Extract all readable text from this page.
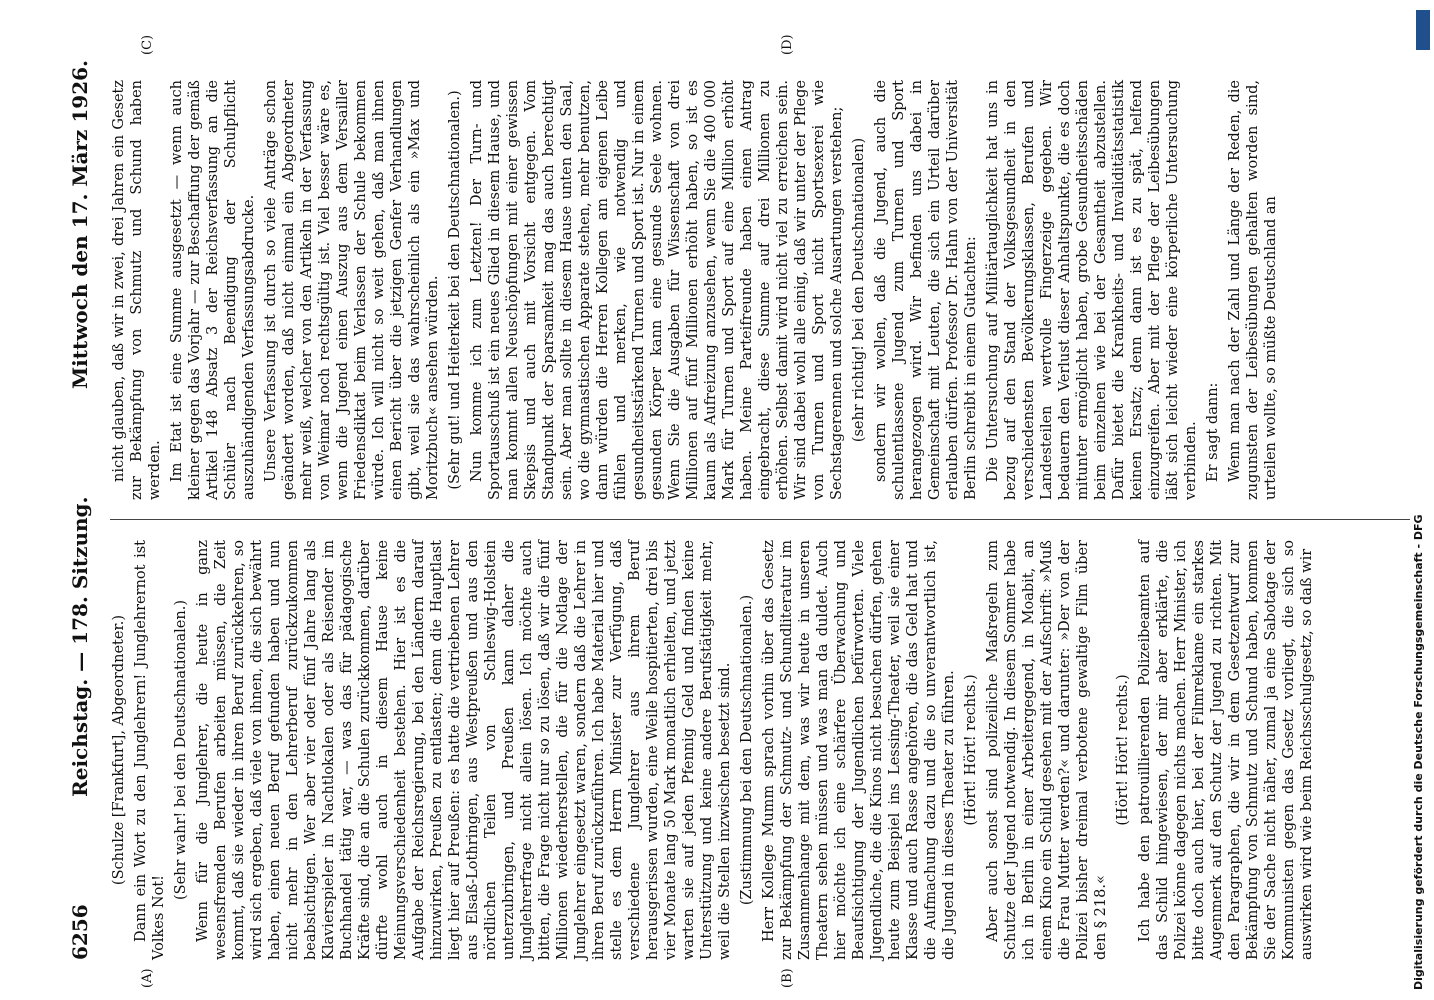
6256
Reichstag. — 178. Sitzung.
Mittwoch den 17. März 1926.

(Schulze [Frankfurt], Abgeordneter.) Dann ein Wort zu den Junglehrern! Junglehrernot ist Volkes Not!

(Sehr wahr! bei den Deutschnationalen.) Wenn für die Junglehrer, die heute in ganz wesensfremden Berufen arbeiten müssen, die Zeit kommt, daß sie wieder in ihren Beruf zurückkehren, so wird sich ergeben, daß viele von ihnen, die sich bewährt haben, einen neuen Beruf gefunden haben und nun nicht mehr in den Lehrerberuf zurückzukommen beabsichtigen. Wer aber vier oder fünf Jahre lang als Klavierspieler in Nachtlokalen oder als Reisender im Buchhandel tätig war, — was das für pädagogische Kräfte sind, die an die Schulen zurückkommen, darüber dürfte wohl auch in diesem Hause keine Meinungsverschiedenheit bestehen. Hier ist es die Aufgabe der Reichsregierung, bei den Ländern darauf hinzuwirken, Preußen zu entlasten; denn die Hauptlast liegt hier auf Preußen: es hatte die vertriebenen Lehrer aus Elsaß-Lothringen, aus Westpreußen und aus den nördlichen Teilen von Schleswig-Holstein unterzubringen, und Preußen kann daher die Junglehrerfrage nicht allein lösen. Ich möchte auch bitten, die Frage nicht nur so zu lösen, daß wir die fünf Millionen wiederherstellen, die für die Notlage der Junglehrer eingesetzt waren, sondern daß die Lehrer in ihren Beruf zurückzuführen. Ich habe Material hier und stelle es dem Herrn Minister zur Verfügung, daß verschiedene Junglehrer aus ihrem Beruf herausgerissen wurden, eine Weile hospitierten, drei bis vier Monate lang 50 Mark monatlich erhielten, und jetzt warten sie auf jeden Pfennig Geld und finden keine Unterstützung und keine andere Berufstätigkeit mehr, weil die Stellen inzwischen besetzt sind. (Zustimmung bei den Deutschnationalen.) Herr Kollege Mumm sprach vorhin über das Gesetz zur Bekämpfung der Schmutz- und Schundliteratur im Zusammenhange mit dem, was wir heute in unseren Theatern sehen müssen und was man da duldet. Auch hier möchte ich eine schärfere Überwachung und Beaufsichtigung der Jugendlichen befürworten. Viele Jugendliche, die die Kinos nicht besuchen dürfen, gehen heute zum Beispiel ins Lessing-Theater, weil sie einer Klasse und auch Rasse angehören, die das Geld hat und die Aufmachung dazu und die so unverantwortlich ist, die Jugend in dieses Theater zu führen. (Hört! Hört! rechts.) Aber auch sonst sind polizeiliche Maßregeln zum Schutze der Jugend notwendig. In diesem Sommer habe ich in Berlin in einer Arbeitergegend, in Moabit, an einem Kino ein Schild gesehen mit der Aufschrift: »Muß die Frau Mutter werden?« und darunter: »Der von der Polizei bisher dreimal verbotene gewaltige Film über den § 218.«

(Hört! Hört! rechts.) Ich habe den patrouillierenden Polizeibeamten auf das Schild hingewiesen, der mir aber erklärte, die Polizei könne dagegen nichts machen. Herr Minister, ich bitte doch auch hier, bei der Filmreklame ein starkes Augenmerk auf den Schutz der Jugend zu richten. Mit den Paragraphen, die wir in dem Gesetzentwurf zur Bekämpfung von Schmutz und Schund haben, kommen Sie der Sache nicht näher, zumal ja eine Sabotage der Kommunisten gegen das Gesetz vorliegt, die sich so auswirken wird wie beim Reichsschulgesetz, so daß wir

nicht glauben, daß wir in zwei, drei Jahren ein Gesetz zur Bekämpfung von Schmutz und Schund haben werden. Im Etat ist eine Summe ausgesetzt — wenn auch kleiner gegen das Vorjahr — zur Beschaffung der gemäß Artikel 148 Absatz 3 der Reichsverfassung an die Schüler nach Beendigung der Schulpflicht auszuhändigenden Verfassungsabdrucke. Unsere Verfassung ist durch so viele Anträge schon geändert worden, daß nicht einmal ein Abgeordneter mehr weiß, welcher von den Artikeln in der Verfassung von Weimar noch rechtsgültig ist. Viel besser wäre es, wenn die Jugend einen Auszug aus dem Versailler Friedensdiktat beim Verlassen der Schule bekommen würde. Ich will nicht so weit gehen, daß man ihnen einen Bericht über die jetzigen Genfer Verhandlungen gibt, weil sie das wahrscheinlich als ein »Max und Moritzbuch« ansehen würden. (Sehr gut! und Heiterkeit bei den Deutschnationalen.) Nun komme ich zum Letzten! Der Turn- und Sportausschuß ist ein neues Glied in diesem Hause, und man kommt allen Neuschöpfungen mit einer gewissen Skepsis und auch mit Vorsicht entgegen. Vom Standpunkt der Sparsamkeit mag das auch berechtigt sein. Aber man sollte in diesem Hause unten den Saal, wo die gymnastischen Apparate stehen, mehr benutzen, dann würden die Herren Kollegen am eigenen Leibe fühlen und merken, wie notwendig und gesundheitsstärkend Turnen und Sport ist. Nur in einem gesunden Körper kann eine gesunde Seele wohnen. Wenn Sie die Ausgaben für Wissenschaft von drei Millionen auf fünf Millionen erhöht haben, so ist es kaum als Aufreizung anzusehen, wenn Sie die 400 000 Mark für Turnen und Sport auf eine Million erhöht haben. Meine Parteifreunde haben einen Antrag eingebracht, diese Summe auf drei Millionen zu erhöhen. Selbst damit wird nicht viel zu erreichen sein. Wir sind dabei wohl alle einig, daß wir unter der Pflege von Turnen und Sport nicht Sportsexerei wie Sechstagerennen und solche Ausartungen verstehen; (sehr richtig! bei den Deutschnationalen) sondern wir wollen, daß die Jugend, auch die schulentlassene Jugend zum Turnen und Sport herangezogen wird. Wir befinden uns dabei in Gemeinschaft mit Leuten, die sich ein Urteil darüber erlauben dürfen. Professor Dr. Hahn von der Universität Berlin schreibt in einem Gutachten: Die Untersuchung auf Militärtauglichkeit hat uns in bezug auf den Stand der Volksgesundheit in den verschiedensten Bevölkerungsklassen, Berufen und Landesteilen wertvolle Fingerzeige gegeben. Wir bedauern den Verlust dieser Anhaltspunkte, die es doch mitunter ermöglicht haben, grobe Gesundheitsschäden beim einzelnen wie bei der Gesamtheit abzustellen. Dafür bietet die Krankheits- und Invaliditätsstatistik keinen Ersatz; denn dann ist es zu spät, helfend einzugreifen. Aber mit der Pflege der Leibesübungen läßt sich leicht wieder eine körperliche Untersuchung verbinden. Er sagt dann: Wenn man nach der Zahl und Länge der Reden, die zugunsten der Leibesübungen gehalten worden sind, urteilen wollte, so müßte Deutschland an

(A)	(B)
(C)	(D)
Digitalisierung gefördert durch die Deutsche Forschungsgemeinschaft - DFG
